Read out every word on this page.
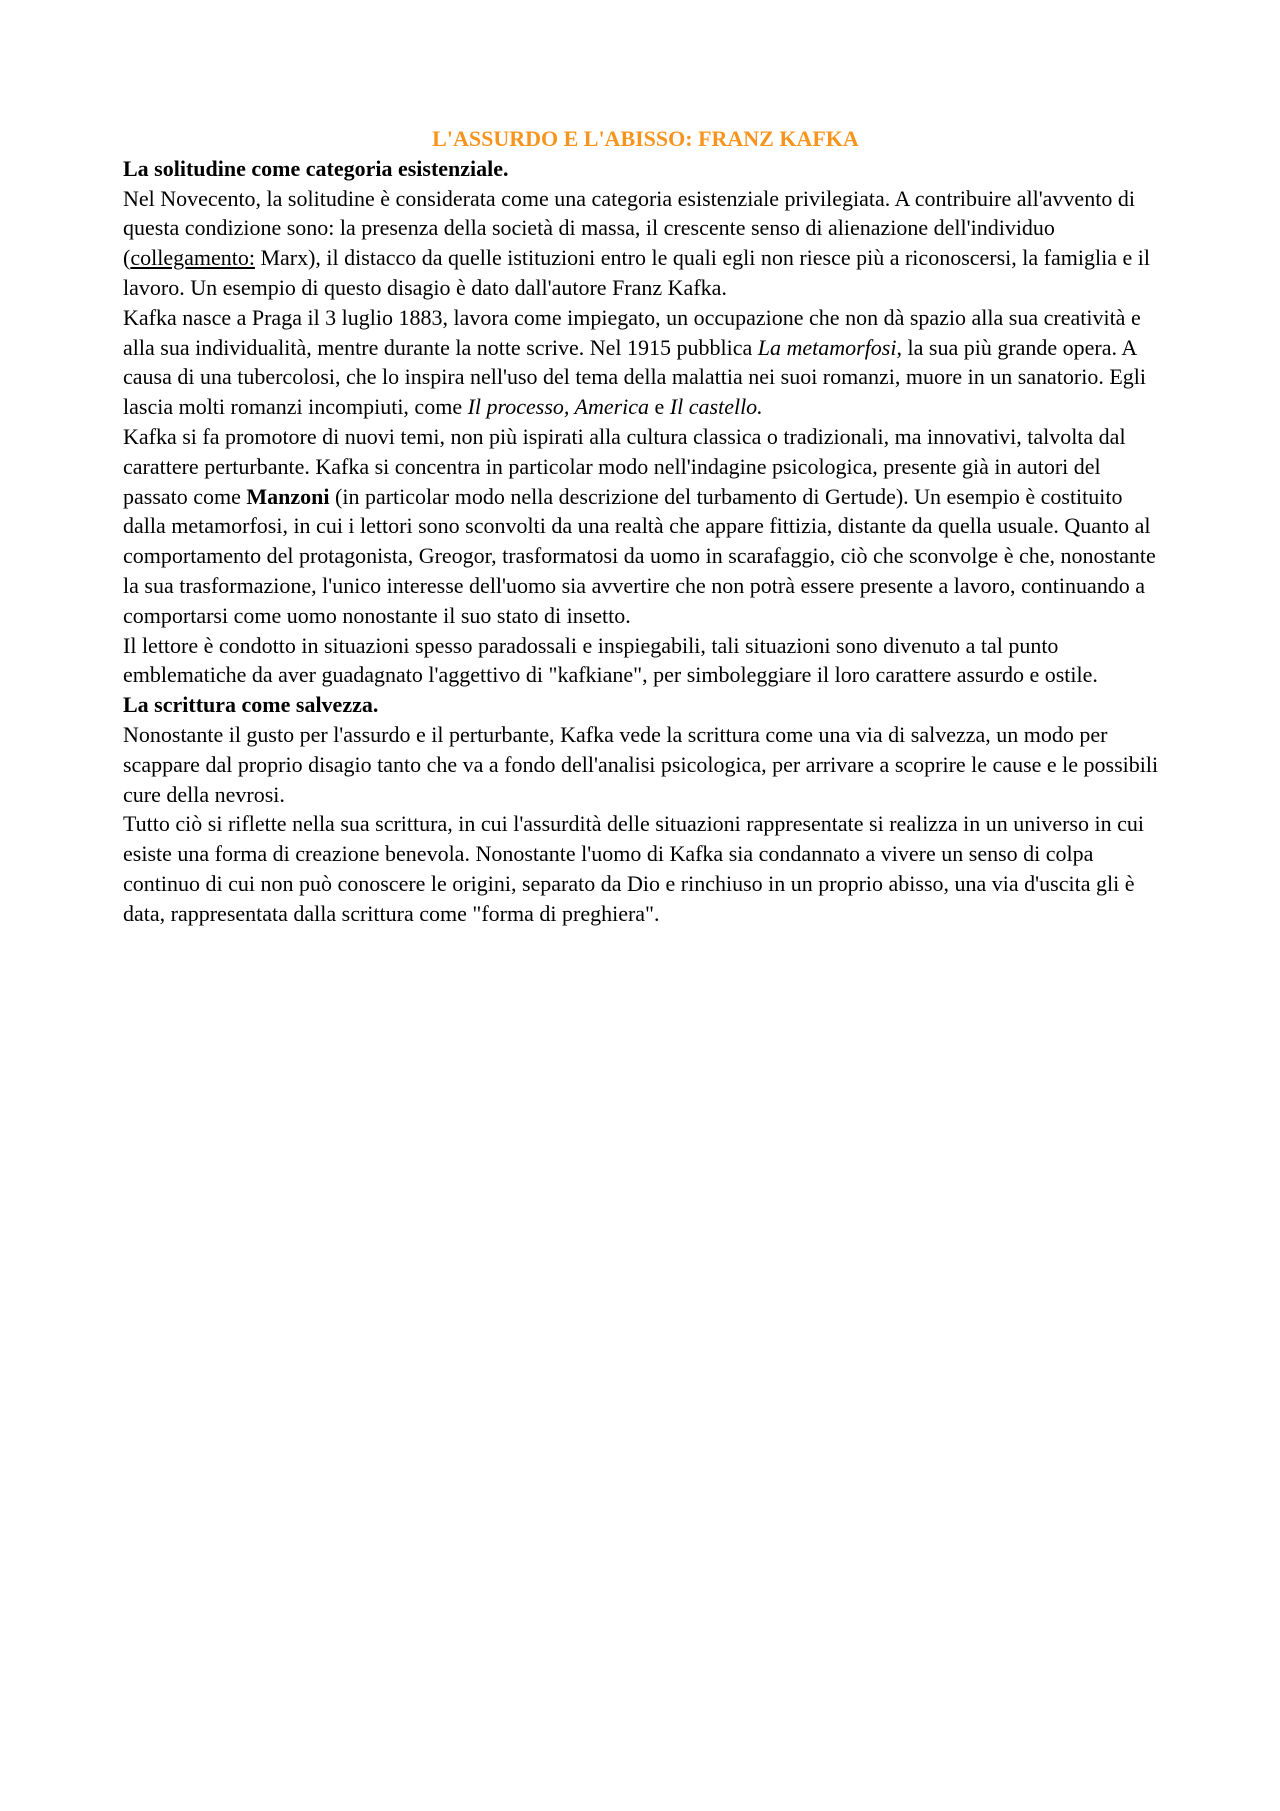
L'ASSURDO E L'ABISSO: FRANZ KAFKA

La solitudine come categoria esistenziale.

Nel Novecento, la solitudine è considerata come una categoria esistenziale privilegiata. A contribuire all'avvento di questa condizione sono: la presenza della società di massa, il crescente senso di alienazione dell'individuo (collegamento: Marx), il distacco da quelle istituzioni entro le quali egli non riesce più a riconoscersi, la famiglia e il lavoro. Un esempio di questo disagio è dato dall'autore Franz Kafka.

Kafka nasce a Praga il 3 luglio 1883, lavora come impiegato, un occupazione che non dà spazio alla sua creatività e alla sua individualità, mentre durante la notte scrive. Nel 1915 pubblica La metamorfosi, la sua più grande opera. A causa di una tubercolosi, che lo inspira nell'uso del tema della malattia nei suoi romanzi, muore in un sanatorio. Egli lascia molti romanzi incompiuti, come Il processo, America e Il castello.

Kafka si fa promotore di nuovi temi, non più ispirati alla cultura classica o tradizionali, ma innovativi, talvolta dal carattere perturbante. Kafka si concentra in particolar modo nell'indagine psicologica, presente già in autori del passato come Manzoni (in particolar modo nella descrizione del turbamento di Gertude). Un esempio è costituito dalla metamorfosi, in cui i lettori sono sconvolti da una realtà che appare fittizia, distante da quella usuale. Quanto al comportamento del protagonista, Greogor, trasformatosi da uomo in scarafaggio, ciò che sconvolge è che, nonostante la sua trasformazione, l'unico interesse dell'uomo sia avvertire che non potrà essere presente a lavoro, continuando a comportarsi come uomo nonostante il suo stato di insetto.

Il lettore è condotto in situazioni spesso paradossali e inspiegabili, tali situazioni sono divenuto a tal punto emblematiche da aver guadagnato l'aggettivo di "kafkiane", per simboleggiare il loro carattere assurdo e ostile.

La scrittura come salvezza.

Nonostante il gusto per l'assurdo e il perturbante, Kafka vede la scrittura come una via di salvezza, un modo per scappare dal proprio disagio tanto che va a fondo dell'analisi psicologica, per arrivare a scoprire le cause e le possibili cure della nevrosi.

Tutto ciò si riflette nella sua scrittura, in cui l'assurdità delle situazioni rappresentate si realizza in un universo in cui esiste una forma di creazione benevola. Nonostante l'uomo di Kafka sia condannato a vivere un senso di colpa continuo di cui non può conoscere le origini, separato da Dio e rinchiuso in un proprio abisso, una via d'uscita gli è data, rappresentata dalla scrittura come "forma di preghiera".
